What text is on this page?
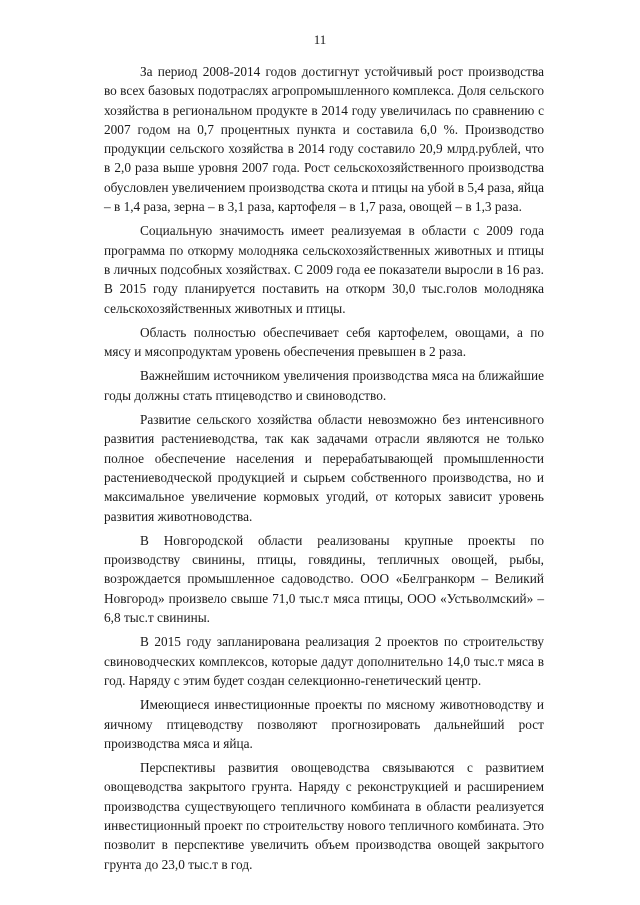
11

За период 2008-2014 годов достигнут устойчивый рост производства во всех базовых подотраслях агропромышленного комплекса. Доля сельского хозяйства в региональном продукте в 2014 году увеличилась по сравнению с 2007 годом на 0,7 процентных пункта и составила 6,0 %. Производство продукции сельского хозяйства в 2014 году составило 20,9 млрд.рублей, что в 2,0 раза выше уровня 2007 года. Рост сельскохозяйственного производства обусловлен увеличением производства скота и птицы на убой в 5,4 раза, яйца – в 1,4 раза, зерна – в 3,1 раза, картофеля – в 1,7 раза, овощей – в 1,3 раза.

Социальную значимость имеет реализуемая в области с 2009 года программа по откорму молодняка сельскохозяйственных животных и птицы в личных подсобных хозяйствах. С 2009 года ее показатели выросли в 16 раз. В 2015 году планируется поставить на откорм 30,0 тыс.голов молодняка сельскохозяйственных животных и птицы.

Область полностью обеспечивает себя картофелем, овощами, а по мясу и мясопродуктам уровень обеспечения превышен в 2 раза.

Важнейшим источником увеличения производства мяса на ближайшие годы должны стать птицеводство и свиноводство.

Развитие сельского хозяйства области невозможно без интенсивного развития растениеводства, так как задачами отрасли являются не только полное обеспечение населения и перерабатывающей промышленности растениеводческой продукцией и сырьем собственного производства, но и максимальное увеличение кормовых угодий, от которых зависит уровень развития животноводства.

В Новгородской области реализованы крупные проекты по производству свинины, птицы, говядины, тепличных овощей, рыбы, возрождается промышленное садоводство. ООО «Белгранкорм – Великий Новгород» произвело свыше 71,0 тыс.т мяса птицы, ООО «Устьволмский» – 6,8 тыс.т свинины.

В 2015 году запланирована реализация 2 проектов по строительству свиноводческих комплексов, которые дадут дополнительно 14,0 тыс.т мяса в год. Наряду с этим будет создан селекционно-генетический центр.

Имеющиеся инвестиционные проекты по мясному животноводству и яичному птицеводству позволяют прогнозировать дальнейший рост производства мяса и яйца.

Перспективы развития овощеводства связываются с развитием овощеводства закрытого грунта. Наряду с реконструкцией и расширением производства существующего тепличного комбината в области реализуется инвестиционный проект по строительству нового тепличного комбината. Это позволит в перспективе увеличить объем производства овощей закрытого грунта до 23,0 тыс.т в год.
